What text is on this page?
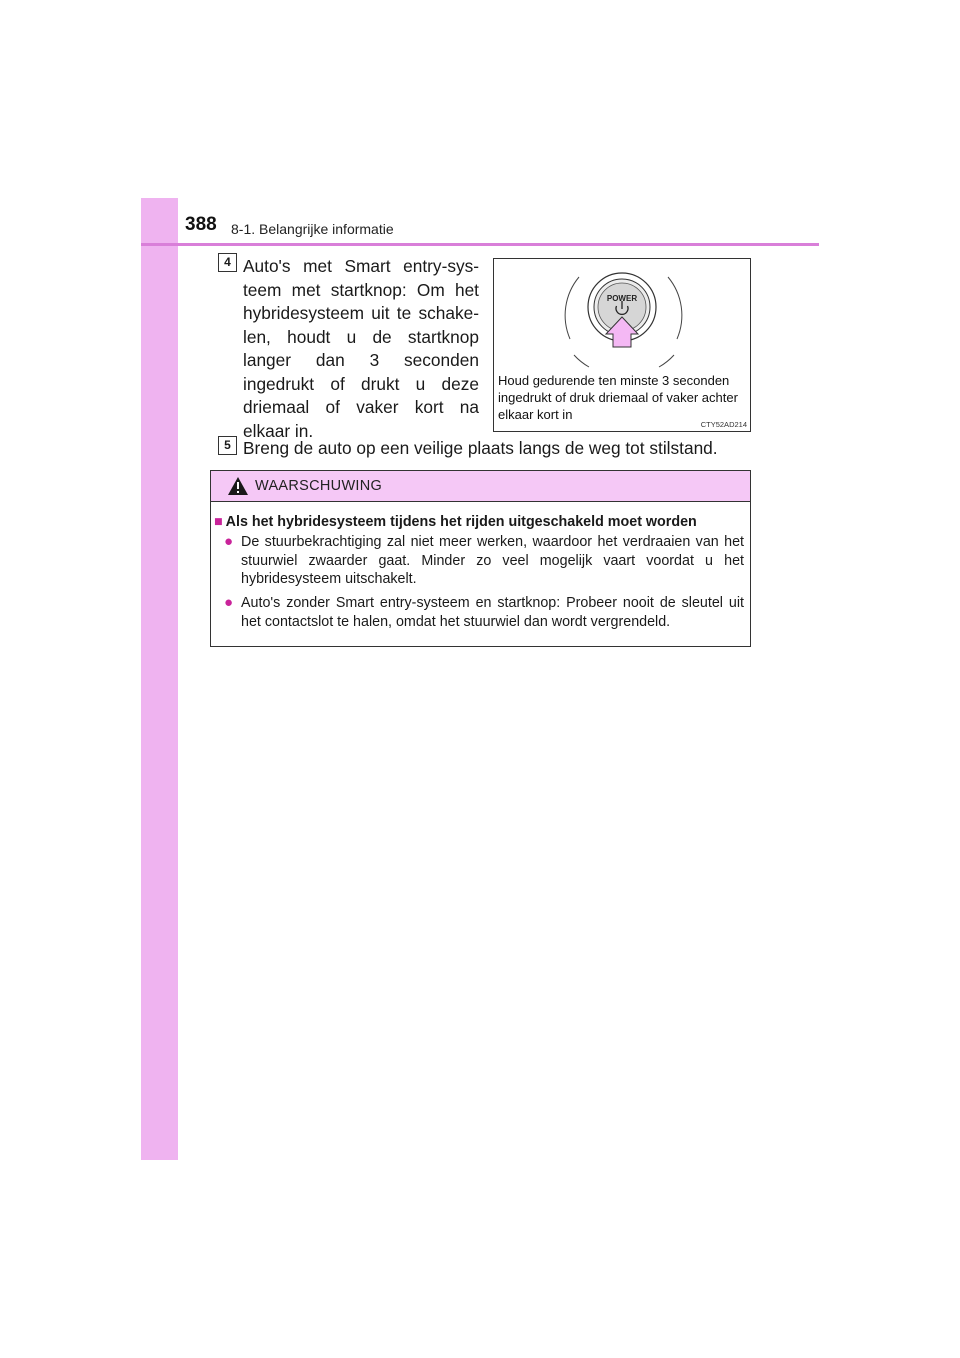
388 8-1. Belangrijke informatie
4 Auto's met Smart entry-sys-teem met startknop: Om het hybridesysteem uit te schake-len, houdt u de startknop langer dan 3 seconden ingedrukt of drukt u deze driemaal of vaker kort na elkaar in.
POWER
Houd gedurende ten minste 3 seconden ingedrukt of druk driemaal of vaker achter elkaar kort in
CTY52AD214
5 Breng de auto op een veilige plaats langs de weg tot stilstand.
WAARSCHUWING
■ Als het hybridesysteem tijdens het rijden uitgeschakeld moet worden
● De stuurbekrachtiging zal niet meer werken, waardoor het verdraaien van het stuurwiel zwaarder gaat. Minder zo veel mogelijk vaart voordat u het hybridesysteem uitschakelt.
● Auto's zonder Smart entry-systeem en startknop: Probeer nooit de sleutel uit het contactslot te halen, omdat het stuurwiel dan wordt vergrendeld.
